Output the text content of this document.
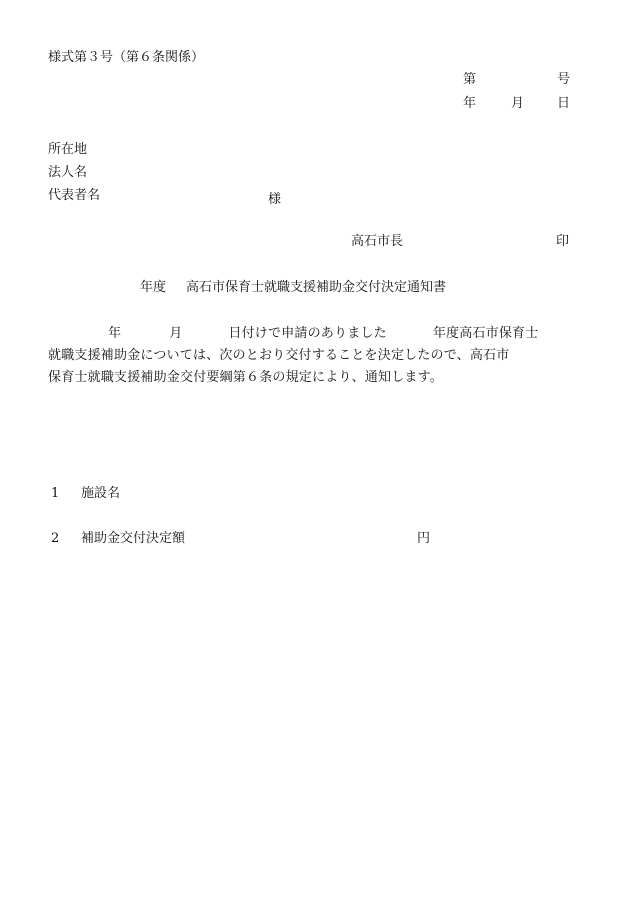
様式第３号（第６条関係）
第	号
年	月	日
所在地
法人名
代表者名	様
高石市長	印
年度 高石市保育士就職支援補助金交付決定通知書
年	月	日付けで申請のありました	年度高石市保育士
就職支援補助金については、次のとおり交付することを決定したので、高石市
保育士就職支援補助金交付要綱第６条の規定により、通知します。
1 施設名
2 補助金交付決定額	円
